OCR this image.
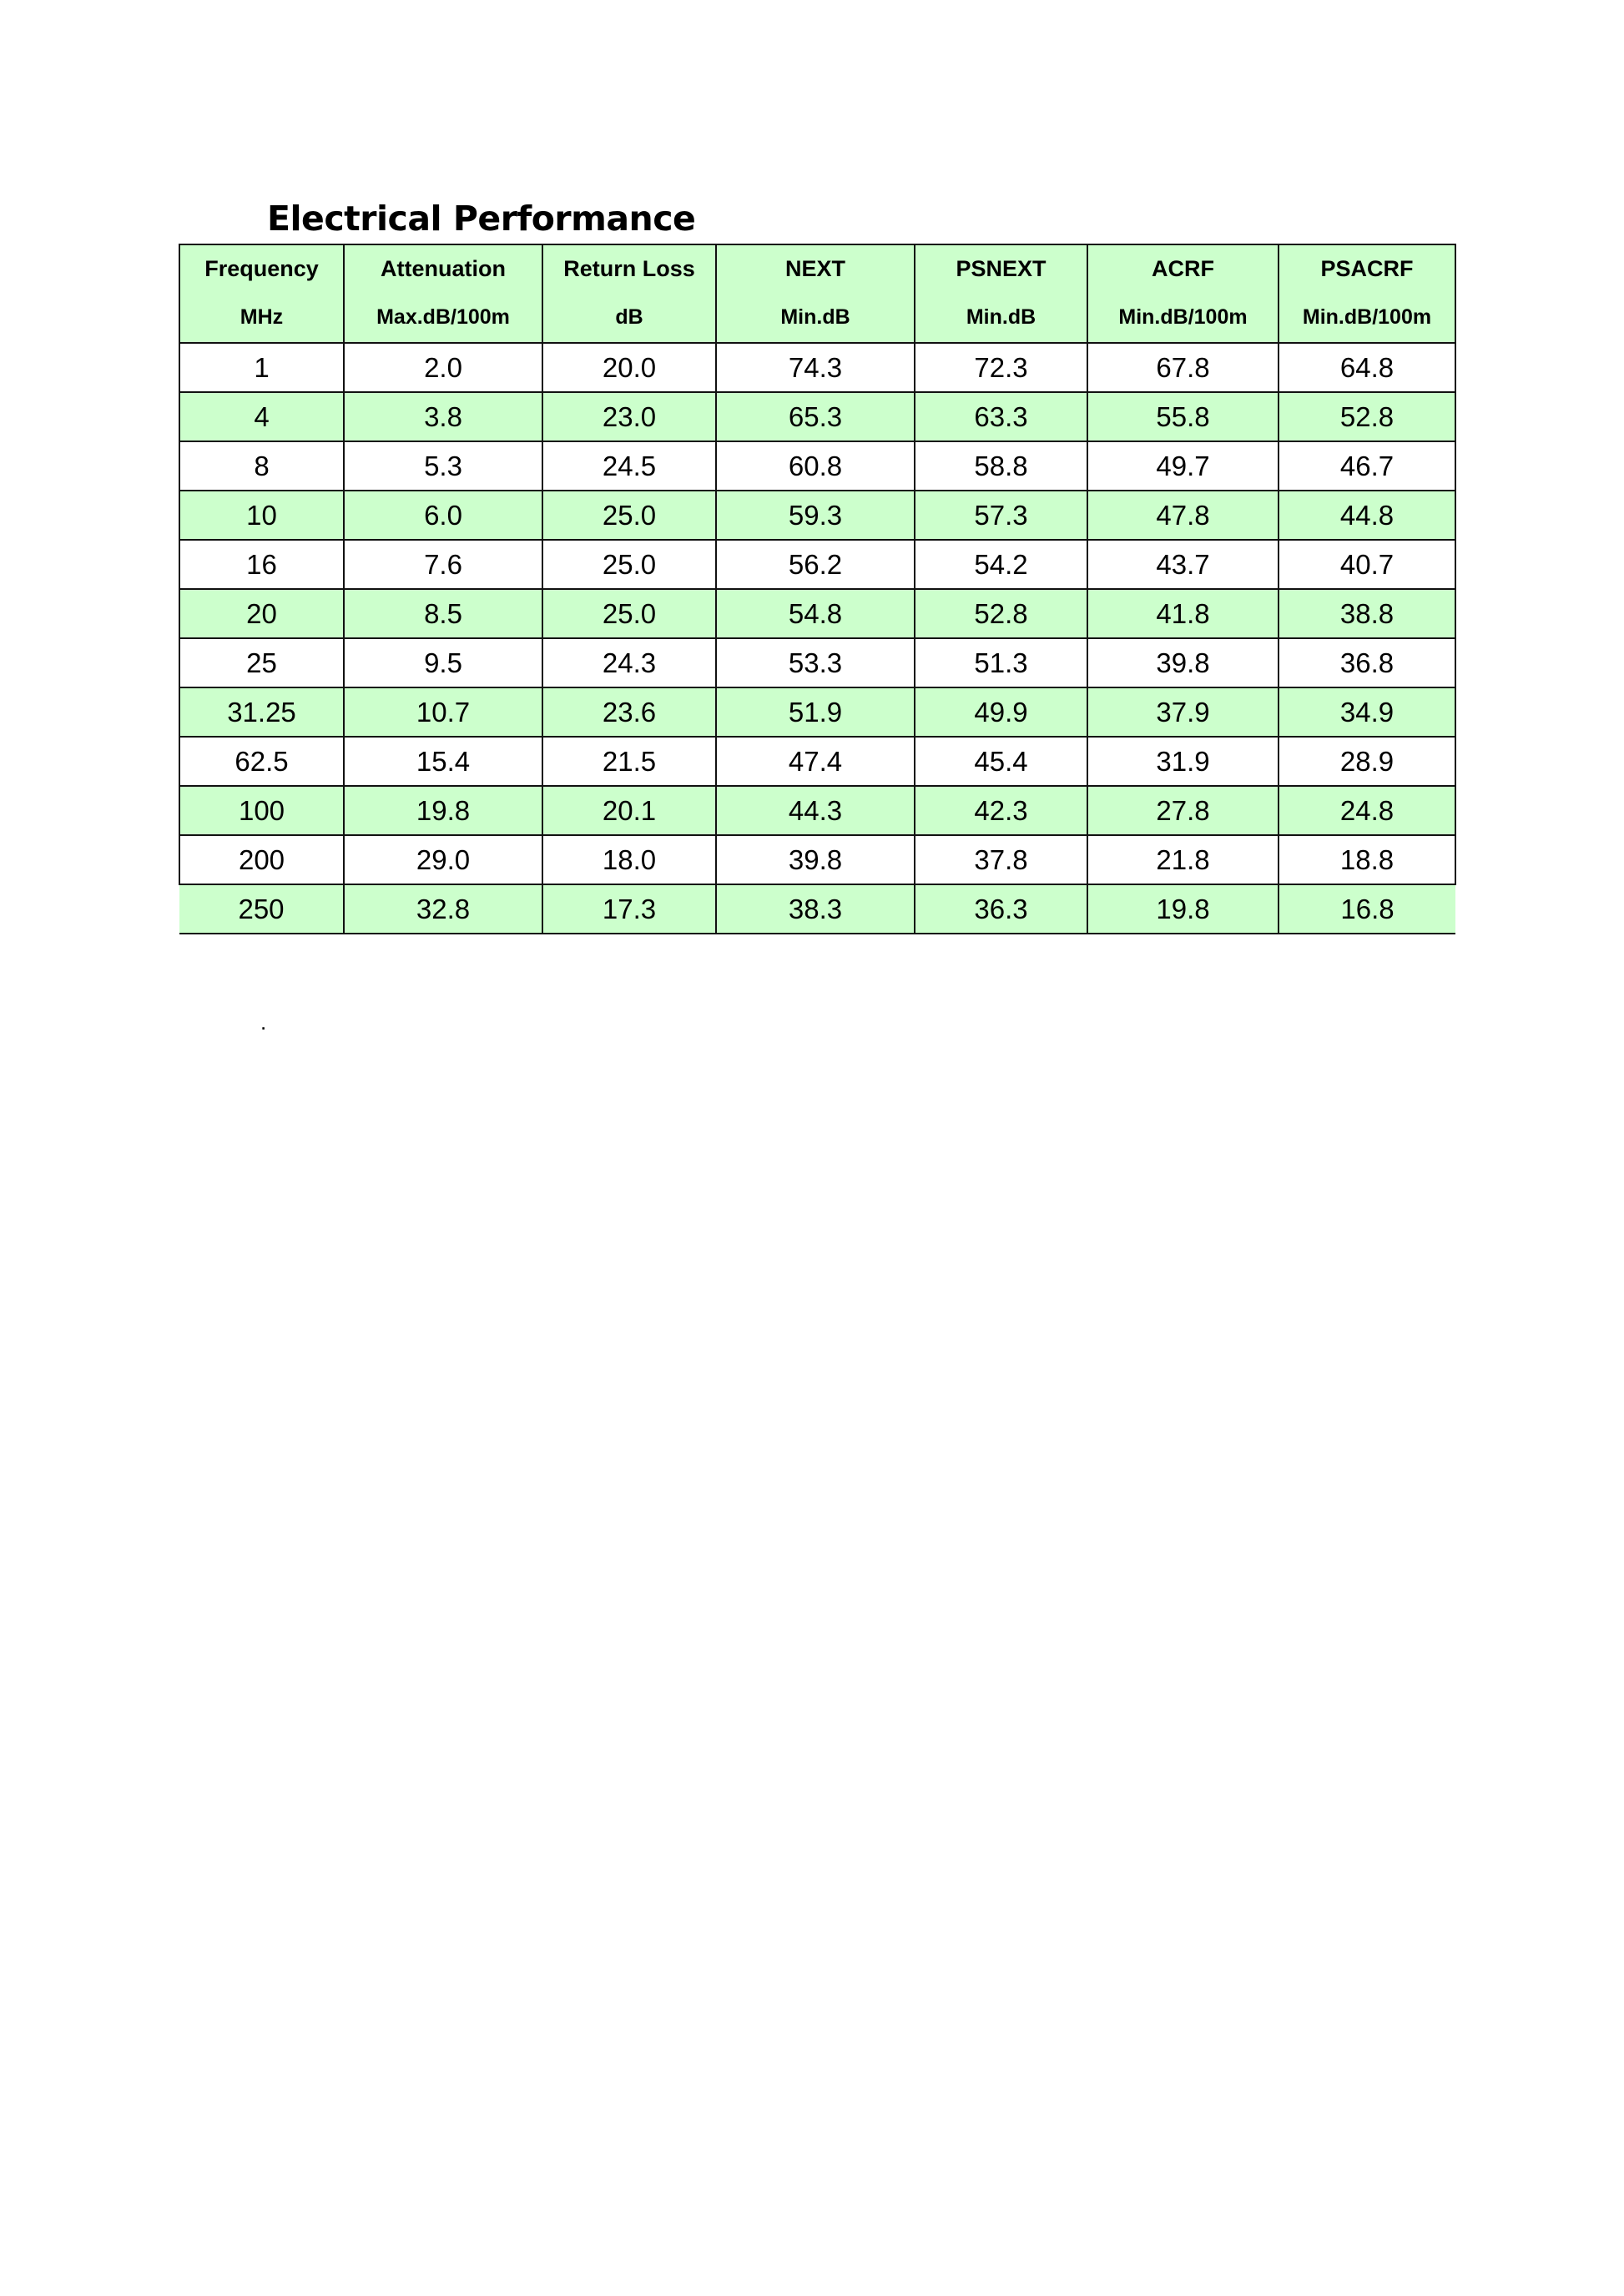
Electrical Performance
Frequency	Attenuation	Return Loss	NEXT	PSNEXT	ACRF	PSACRF
MHz	Max.dB/100m	dB	Min.dB	Min.dB	Min.dB/100m	Min.dB/100m
1	2.0	20.0	74.3	72.3	67.8	64.8
4	3.8	23.0	65.3	63.3	55.8	52.8
8	5.3	24.5	60.8	58.8	49.7	46.7
10	6.0	25.0	59.3	57.3	47.8	44.8
16	7.6	25.0	56.2	54.2	43.7	40.7
20	8.5	25.0	54.8	52.8	41.8	38.8
25	9.5	24.3	53.3	51.3	39.8	36.8
31.25	10.7	23.6	51.9	49.9	37.9	34.9
62.5	15.4	21.5	47.4	45.4	31.9	28.9
100	19.8	20.1	44.3	42.3	27.8	24.8
200	29.0	18.0	39.8	37.8	21.8	18.8
250	32.8	17.3	38.3	36.3	19.8	16.8
.
